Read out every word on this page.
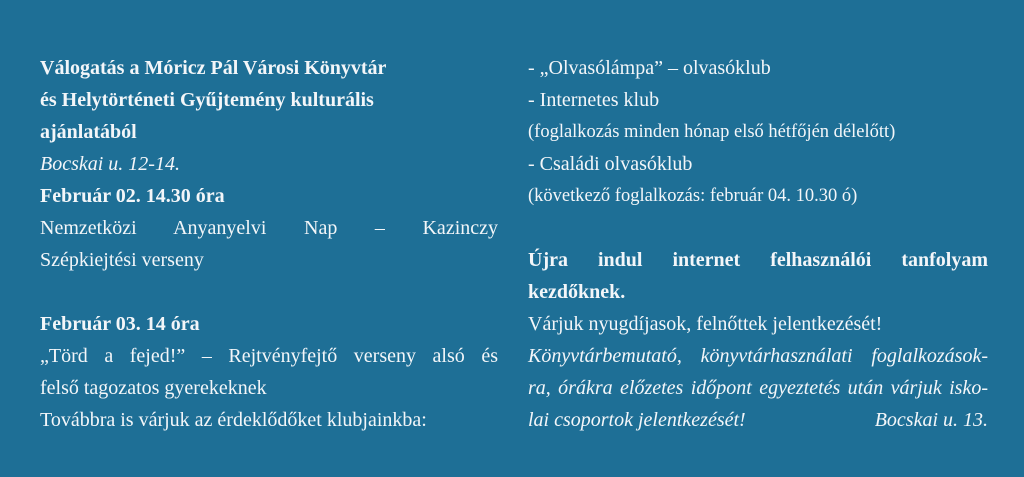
Válogatás a Móricz Pál Városi Könyvtár
és Helytörténeti Gyűjtemény kulturális
ajánlatából
Bocskai u. 12-14.
Február 02. 14.30 óra
Nemzetközi Anyanyelvi Nap – Kazinczy
Szépkiejtési verseny
Február 03. 14 óra
„Törd a fejed!” – Rejtvényfejtő verseny alsó és
felső tagozatos gyerekeknek
Továbbra is várjuk az érdeklődőket klubjainkba:
- „Olvasólámpa” – olvasóklub
- Internetes klub
(foglalkozás minden hónap első hétfőjén délelőtt)
- Családi olvasóklub
(következő foglalkozás: február 04. 10.30 ó)
Újra indul internet felhasználói tanfolyam
kezdőknek.
Várjuk nyugdíjasok, felnőttek jelentkezését!
Könyvtárbemutató, könyvtárhasználati foglalkozások-
ra, órákra előzetes időpont egyeztetés után várjuk isko-
lai csoportok jelentkezését!	Bocskai u. 13.
